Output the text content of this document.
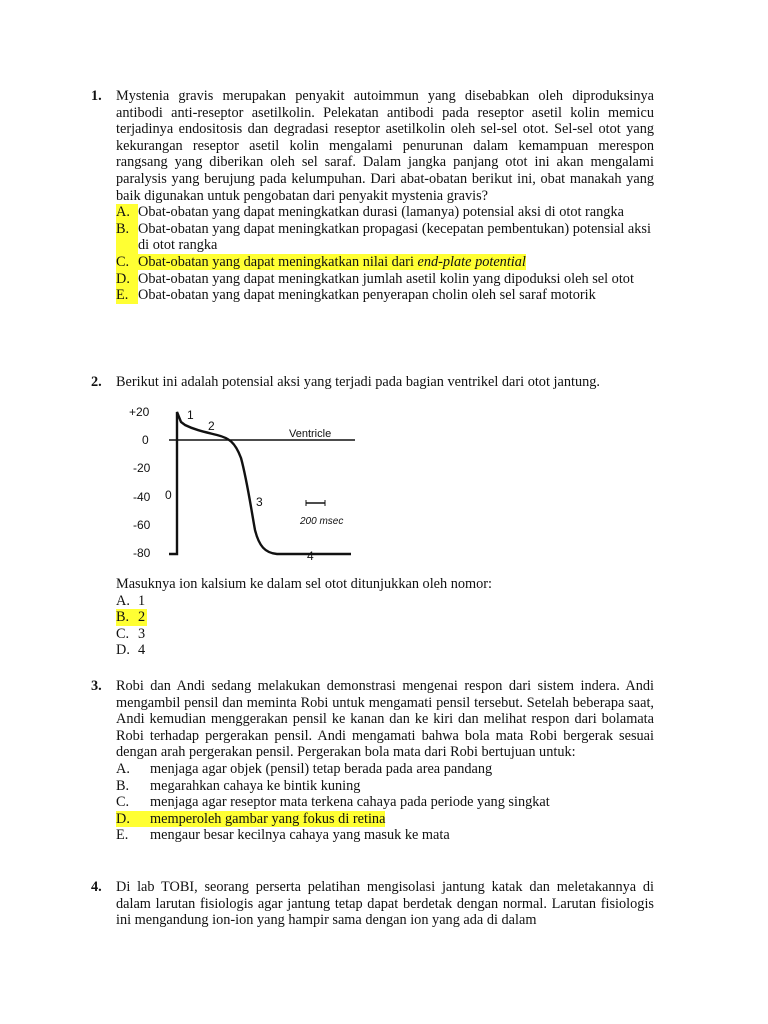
1. Mystenia gravis merupakan penyakit autoimmun yang disebabkan oleh diproduksinya antibodi anti-reseptor asetilkolin. Pelekatan antibodi pada reseptor asetil kolin memicu terjadinya endositosis dan degradasi reseptor asetilkolin oleh sel-sel otot. Sel-sel otot yang kekurangan reseptor asetil kolin mengalami penurunan dalam kemampuan merespon rangsang yang diberikan oleh sel saraf. Dalam jangka panjang otot ini akan mengalami paralysis yang berujung pada kelumpuhan. Dari abat-obatan berikut ini, obat manakah yang baik digunakan untuk pengobatan dari penyakit mystenia gravis?
A. Obat-obatan yang dapat meningkatkan durasi (lamanya) potensial aksi di otot rangka
B. Obat-obatan yang dapat meningkatkan propagasi (kecepatan pembentukan) potensial aksi di otot rangka
C. Obat-obatan yang dapat meningkatkan nilai dari end-plate potential
D. Obat-obatan yang dapat meningkatkan jumlah asetil kolin yang dipoduksi oleh sel otot
E. Obat-obatan yang dapat meningkatkan penyerapan cholin oleh sel saraf motorik
2. Berikut ini adalah potensial aksi yang terjadi pada bagian ventrikel dari otot jantung.
+20
0
-20
-40
-60
-80
0
1
2
3
4
Ventricle
200 msec
Masuknya ion kalsium ke dalam sel otot ditunjukkan oleh nomor:
A. 1
B. 2
C. 3
D. 4
3. Robi dan Andi sedang melakukan demonstrasi mengenai respon dari sistem indera. Andi mengambil pensil dan meminta Robi untuk mengamati pensil tersebut. Setelah beberapa saat, Andi kemudian menggerakan pensil ke kanan dan ke kiri dan melihat respon dari bolamata Robi terhadap pergerakan pensil. Andi mengamati bahwa bola mata Robi bergerak sesuai dengan arah pergerakan pensil. Pergerakan bola mata dari Robi bertujuan untuk:
A.	menjaga agar objek (pensil) tetap berada pada area pandang
B.	megarahkan cahaya ke bintik kuning
C.	menjaga agar reseptor mata terkena cahaya pada periode yang singkat
D.	memperoleh gambar yang fokus di retina
E.	mengaur besar kecilnya cahaya yang masuk ke mata
4. Di lab TOBI, seorang perserta pelatihan mengisolasi jantung katak dan meletakannya di dalam larutan fisiologis agar jantung tetap dapat berdetak dengan normal. Larutan fisiologis ini mengandung ion-ion yang hampir sama dengan ion yang ada di dalam
